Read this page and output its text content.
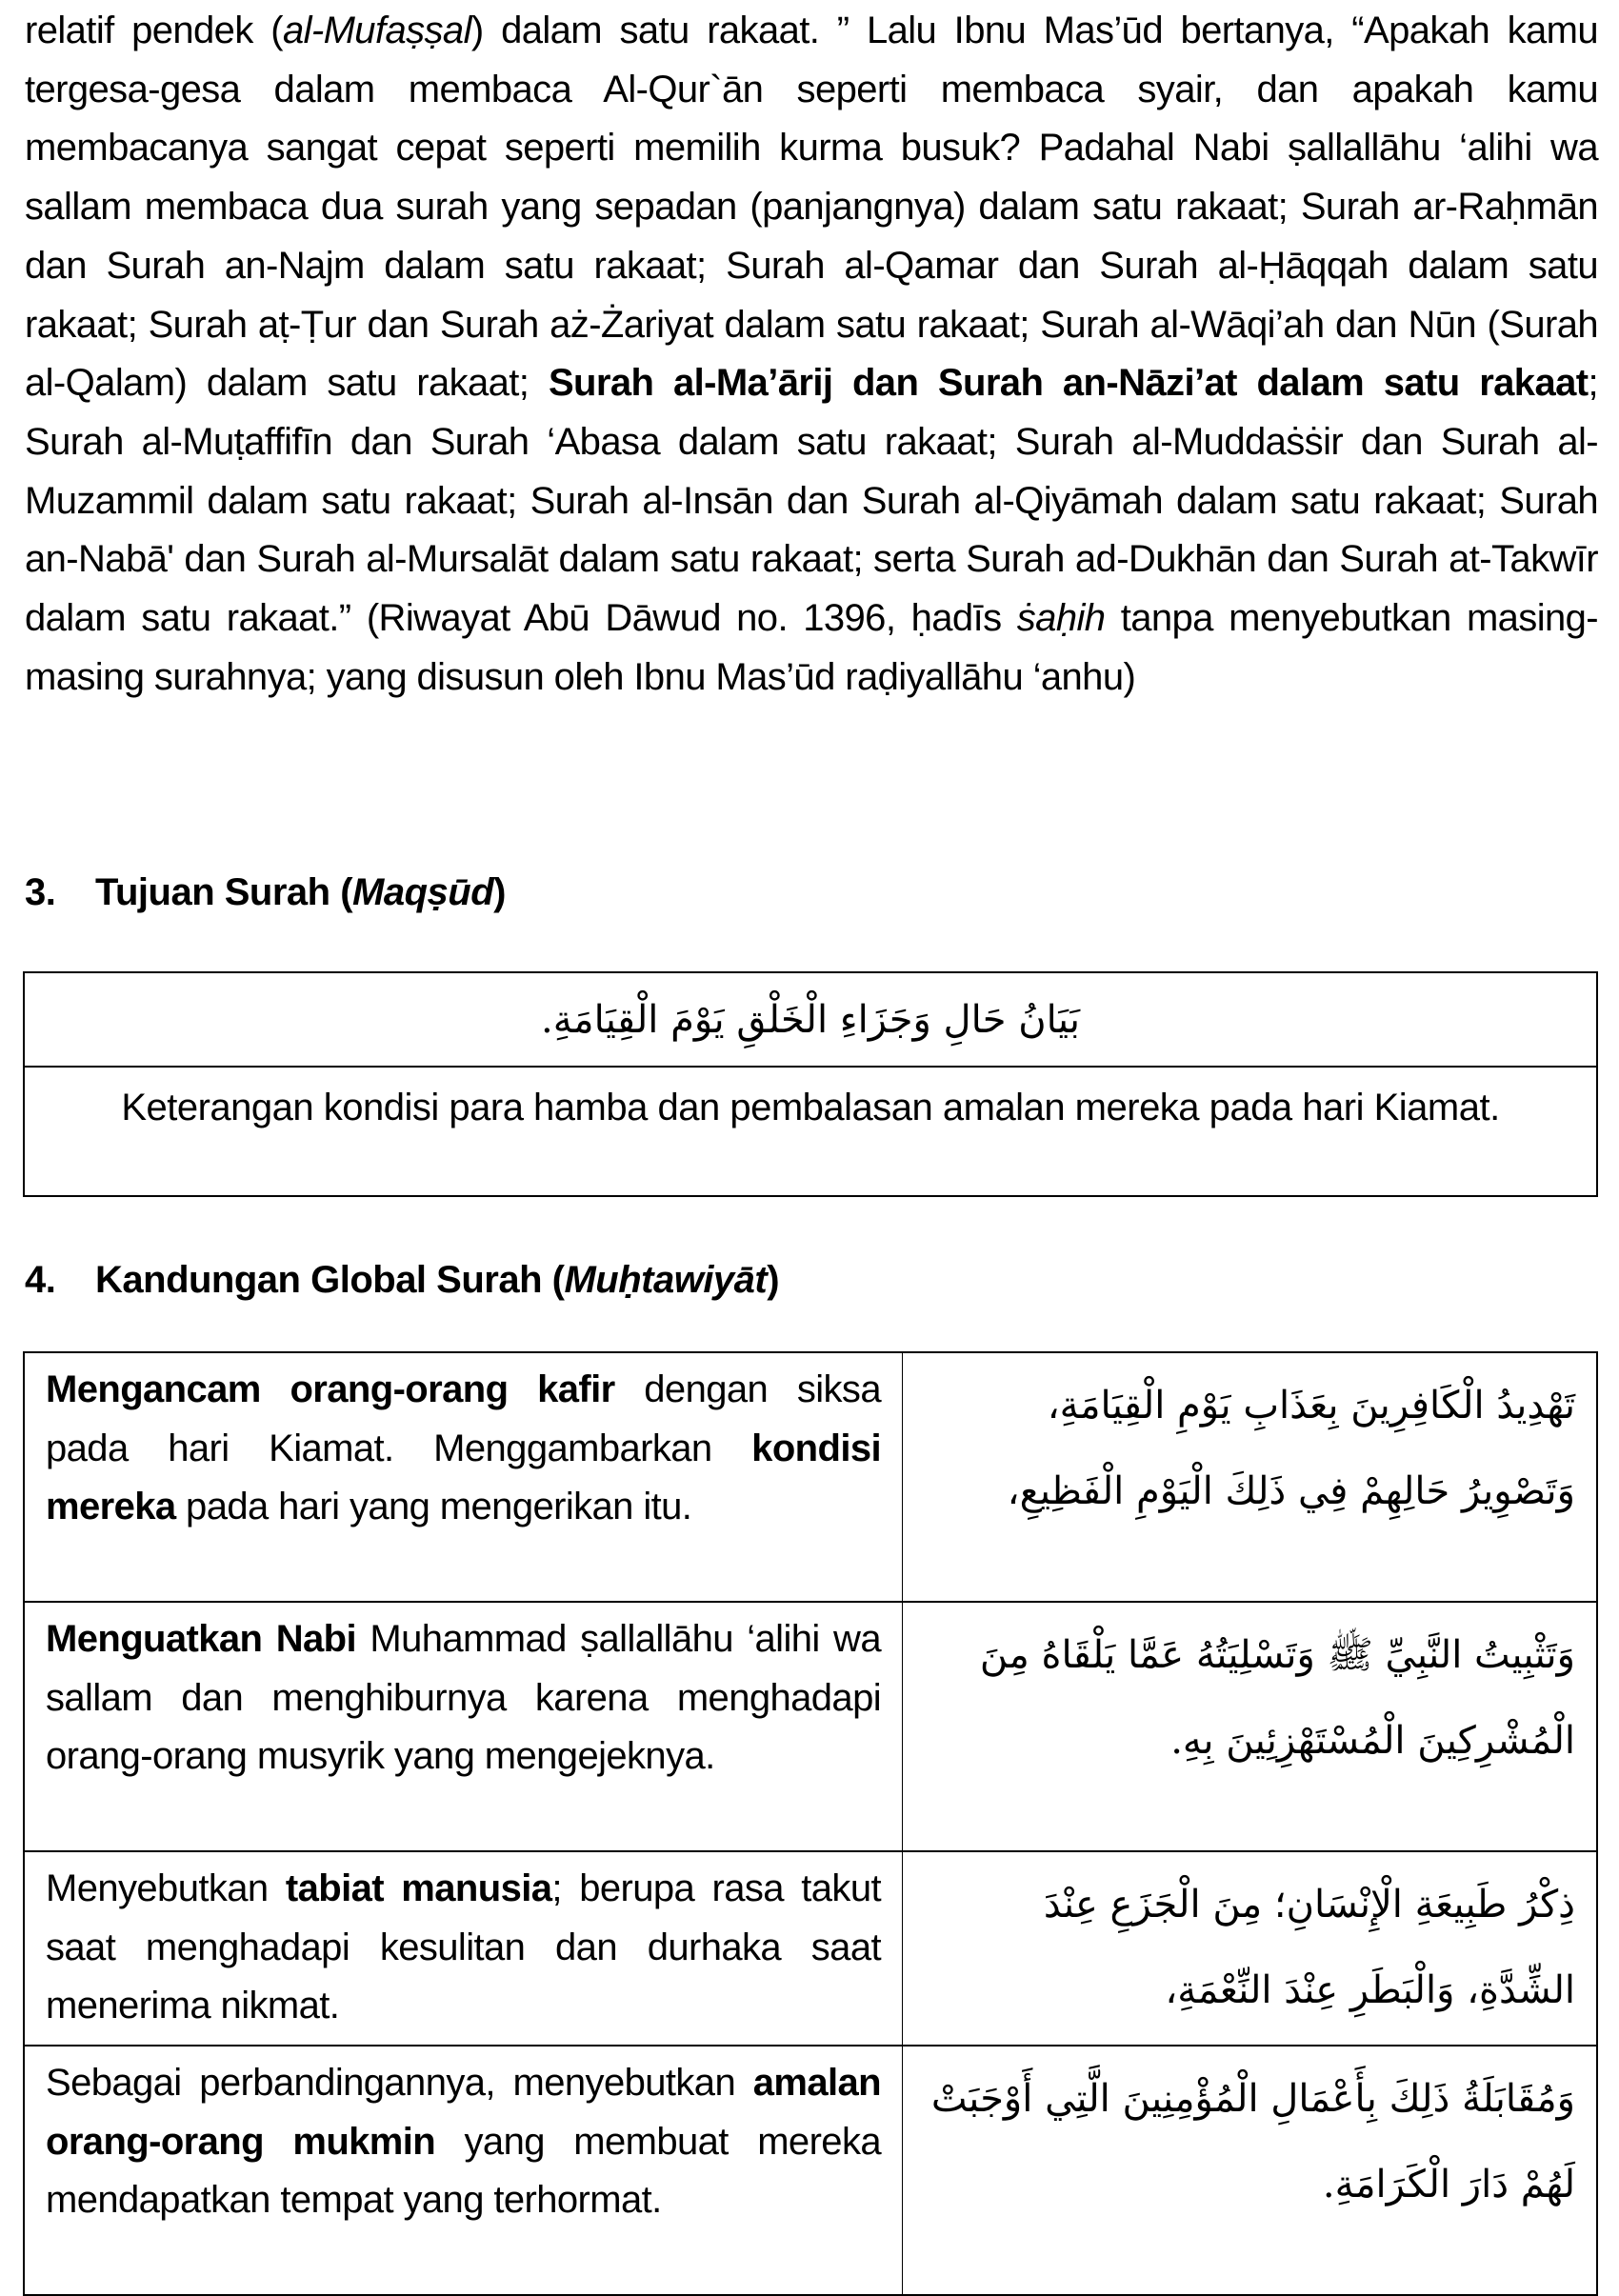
relatif pendek (al-Mufaṣṣal) dalam satu rakaat. ” Lalu Ibnu Mas’ūd bertanya, “Apakah kamu tergesa-gesa dalam membaca Al-Qur`ān seperti membaca syair, dan apakah kamu membacanya sangat cepat seperti memilih kurma busuk? Padahal Nabi ṣallallāhu ‘alihi wa sallam membaca dua surah yang sepadan (panjangnya) dalam satu rakaat; Surah ar-Raḥmān dan Surah an-Najm dalam satu rakaat; Surah al-Qamar dan Surah al-Ḥāqqah dalam satu rakaat; Surah aṭ-Ṭur dan Surah aż-Żariyat dalam satu rakaat; Surah al-Wāqi’ah dan Nūn (Surah al-Qalam) dalam satu rakaat; Surah al-Ma’ārij dan Surah an-Nāzi’at dalam satu rakaat; Surah al-Muṭaffifīn dan Surah ‘Abasa dalam satu rakaat; Surah al-Muddaṡṡir dan Surah al-Muzammil dalam satu rakaat; Surah al-Insān dan Surah al-Qiyāmah dalam satu rakaat; Surah an-Nabā' dan Surah al-Mursalāt dalam satu rakaat; serta Surah ad-Dukhān dan Surah at-Takwīr dalam satu rakaat.” (Riwayat Abū Dāwud no. 1396, ḥadīs ṡaḥih tanpa menyebutkan masing-masing surahnya; yang disusun oleh Ibnu Mas’ūd raḍiyallāhu ‘anhu)

3. Tujuan Surah (Maqṣūd)
بَيَانُ حَالِ وَجَزَاءِ الْخَلْقِ يَوْمَ الْقِيَامَةِ.
Keterangan kondisi para hamba dan pembalasan amalan mereka pada hari Kiamat.
4. Kandungan Global Surah (Muḥtawiyāt)
Mengancam orang-orang kafir dengan siksa pada hari Kiamat. Menggambarkan kondisi mereka pada hari yang mengerikan itu.	تَهْدِيدُ الْكَافِرِينَ بِعَذَابِ يَوْمِ الْقِيَامَةِ، وَتَصْوِيرُ حَالِهِمْ فِي ذَلِكَ الْيَوْمِ الْفَظِيعِ،
Menguatkan Nabi Muhammad ṣallallāhu ‘alihi wa sallam dan menghiburnya karena menghadapi orang-orang musyrik yang mengejeknya.	وَتَثْبِيتُ النَّبِيِّ ﷺ وَتَسْلِيَتُهُ عَمَّا يَلْقَاهُ مِنَ الْمُشْرِكِينَ الْمُسْتَهْزِئِينَ بِهِ.
Menyebutkan tabiat manusia; berupa rasa takut saat menghadapi kesulitan dan durhaka saat menerima nikmat.	ذِكْرُ طَبِيعَةِ الْإِنْسَانِ؛ مِنَ الْجَزَعِ عِنْدَ الشِّدَّةِ، وَالْبَطَرِ عِنْدَ النِّعْمَةِ،
Sebagai perbandingannya, menyebutkan amalan orang-orang mukmin yang membuat mereka mendapatkan tempat yang terhormat.	وَمُقَابَلَةُ ذَلِكَ بِأَعْمَالِ الْمُؤْمِنِينَ الَّتِي أَوْجَبَتْ لَهُمْ دَارَ الْكَرَامَةِ.
